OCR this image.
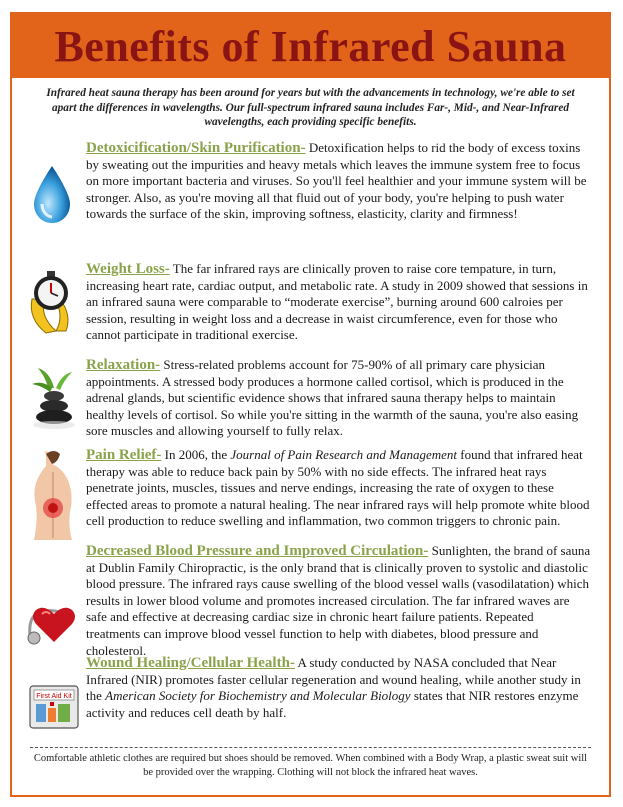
Benefits of Infrared Sauna
Infrared heat sauna therapy has been around for years but with the advancements in technology, we're able to set apart the differences in wavelengths. Our full-spectrum infrared sauna includes Far-, Mid-, and Near-Infrared wavelengths, each providing specific benefits.
Detoxicification/Skin Purification- Detoxification helps to rid the body of excess toxins by sweating out the impurities and heavy metals which leaves the immune system free to focus on more important bacteria and viruses. So you'll feel healthier and your immune system will be stronger. Also, as you're moving all that fluid out of your body, you're helping to push water towards the surface of the skin, improving softness, elasticity, clarity and firmness!
Weight Loss- The far infrared rays are clinically proven to raise core tempature, in turn, increasing heart rate, cardiac output, and metabolic rate. A study in 2009 showed that sessions in an infrared sauna were comparable to “moderate exercise”, burning around 600 calroies per session, resulting in weight loss and a decrease in waist circumference, even for those who cannot participate in traditional exercise.
Relaxation- Stress-related problems account for 75-90% of all primary care physician appointments. A stressed body produces a hormone called cortisol, which is produced in the adrenal glands, but scientific evidence shows that infrared sauna therapy helps to maintain healthy levels of cortisol. So while you're sitting in the warmth of the sauna, you're also easing sore muscles and allowing yourself to fully relax.
Pain Relief- In 2006, the Journal of Pain Research and Management found that infrared heat therapy was able to reduce back pain by 50% with no side effects. The infrared heat rays penetrate joints, muscles, tissues and nerve endings, increasing the rate of oxygen to these effected areas to promote a natural healing. The near infrared rays will help promote white blood cell production to reduce swelling and inflammation, two common triggers to chronic pain.
Decreased Blood Pressure and Improved Circulation- Sunlighten, the brand of sauna at Dublin Family Chiropractic, is the only brand that is clinically proven to systolic and diastolic blood pressure. The infrared rays cause swelling of the blood vessel walls (vasodilatation) which results in lower blood volume and promotes increased circulation. The far infrared waves are safe and effective at decreasing cardiac size in chronic heart failure patients. Repeated treatments can improve blood vessel function to help with diabetes, blood pressure and cholesterol.
First Aid Kit
Wound Healing/Cellular Health- A study conducted by NASA concluded that Near Infrared (NIR) promotes faster cellular regeneration and wound healing, while another study in the American Society for Biochemistry and Molecular Biology states that NIR restores enzyme activity and reduces cell death by half.
Comfortable athletic clothes are required but shoes should be removed. When combined with a Body Wrap, a plastic sweat suit will be provided over the wrapping. Clothing will not block the infrared heat waves.
